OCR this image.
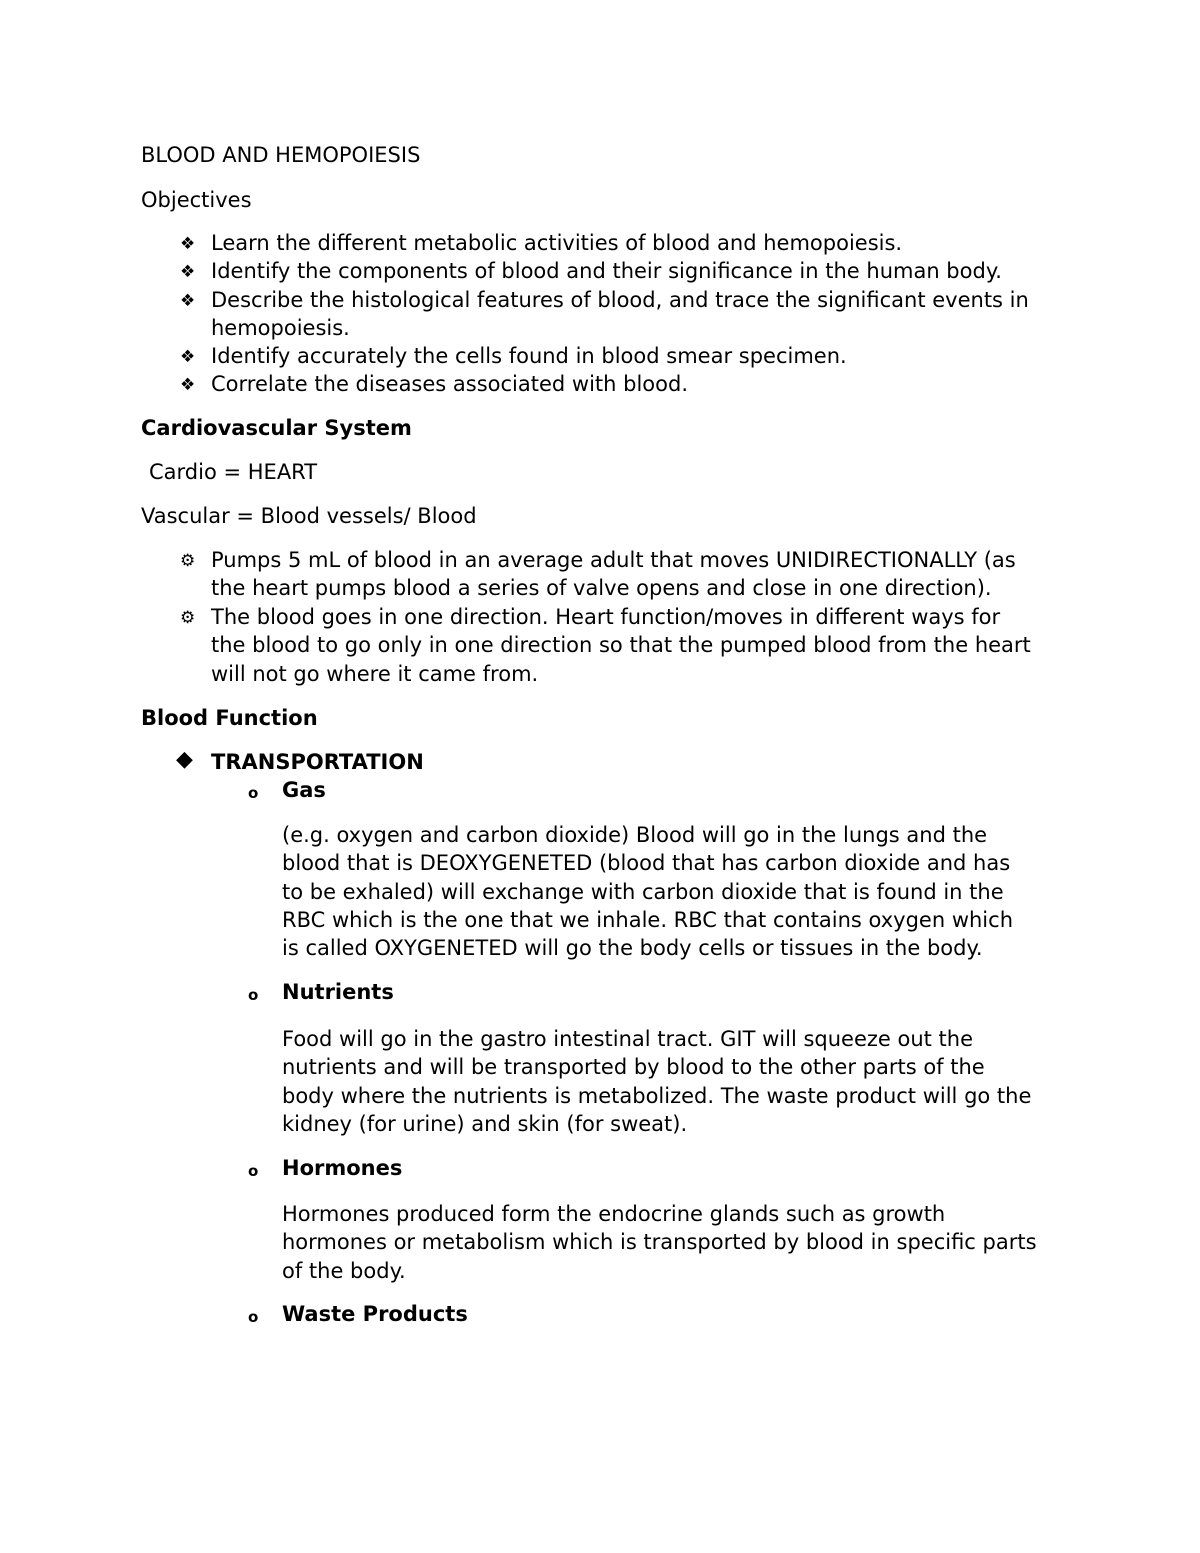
BLOOD AND HEMOPOIESIS
Objectives
❖ Learn the different metabolic activities of blood and hemopoiesis.
❖ Identify the components of blood and their significance in the human body.
❖ Describe the histological features of blood, and trace the significant events in
hemopoiesis.
❖ Identify accurately the cells found in blood smear specimen.
❖ Correlate the diseases associated with blood.
Cardiovascular System
Cardio = HEART
Vascular = Blood vessels/ Blood
⚙ Pumps 5 mL of blood in an average adult that moves UNIDIRECTIONALLY (as
the heart pumps blood a series of valve opens and close in one direction).
⚙ The blood goes in one direction. Heart function/moves in different ways for
the blood to go only in one direction so that the pumped blood from the heart
will not go where it came from.
Blood Function
◆ TRANSPORTATION
o Gas
(e.g. oxygen and carbon dioxide) Blood will go in the lungs and the
blood that is DEOXYGENETED (blood that has carbon dioxide and has
to be exhaled) will exchange with carbon dioxide that is found in the
RBC which is the one that we inhale. RBC that contains oxygen which
is called OXYGENETED will go the body cells or tissues in the body.
o Nutrients
Food will go in the gastro intestinal tract. GIT will squeeze out the
nutrients and will be transported by blood to the other parts of the
body where the nutrients is metabolized. The waste product will go the
kidney (for urine) and skin (for sweat).
o Hormones
Hormones produced form the endocrine glands such as growth
hormones or metabolism which is transported by blood in specific parts
of the body.
o Waste Products
